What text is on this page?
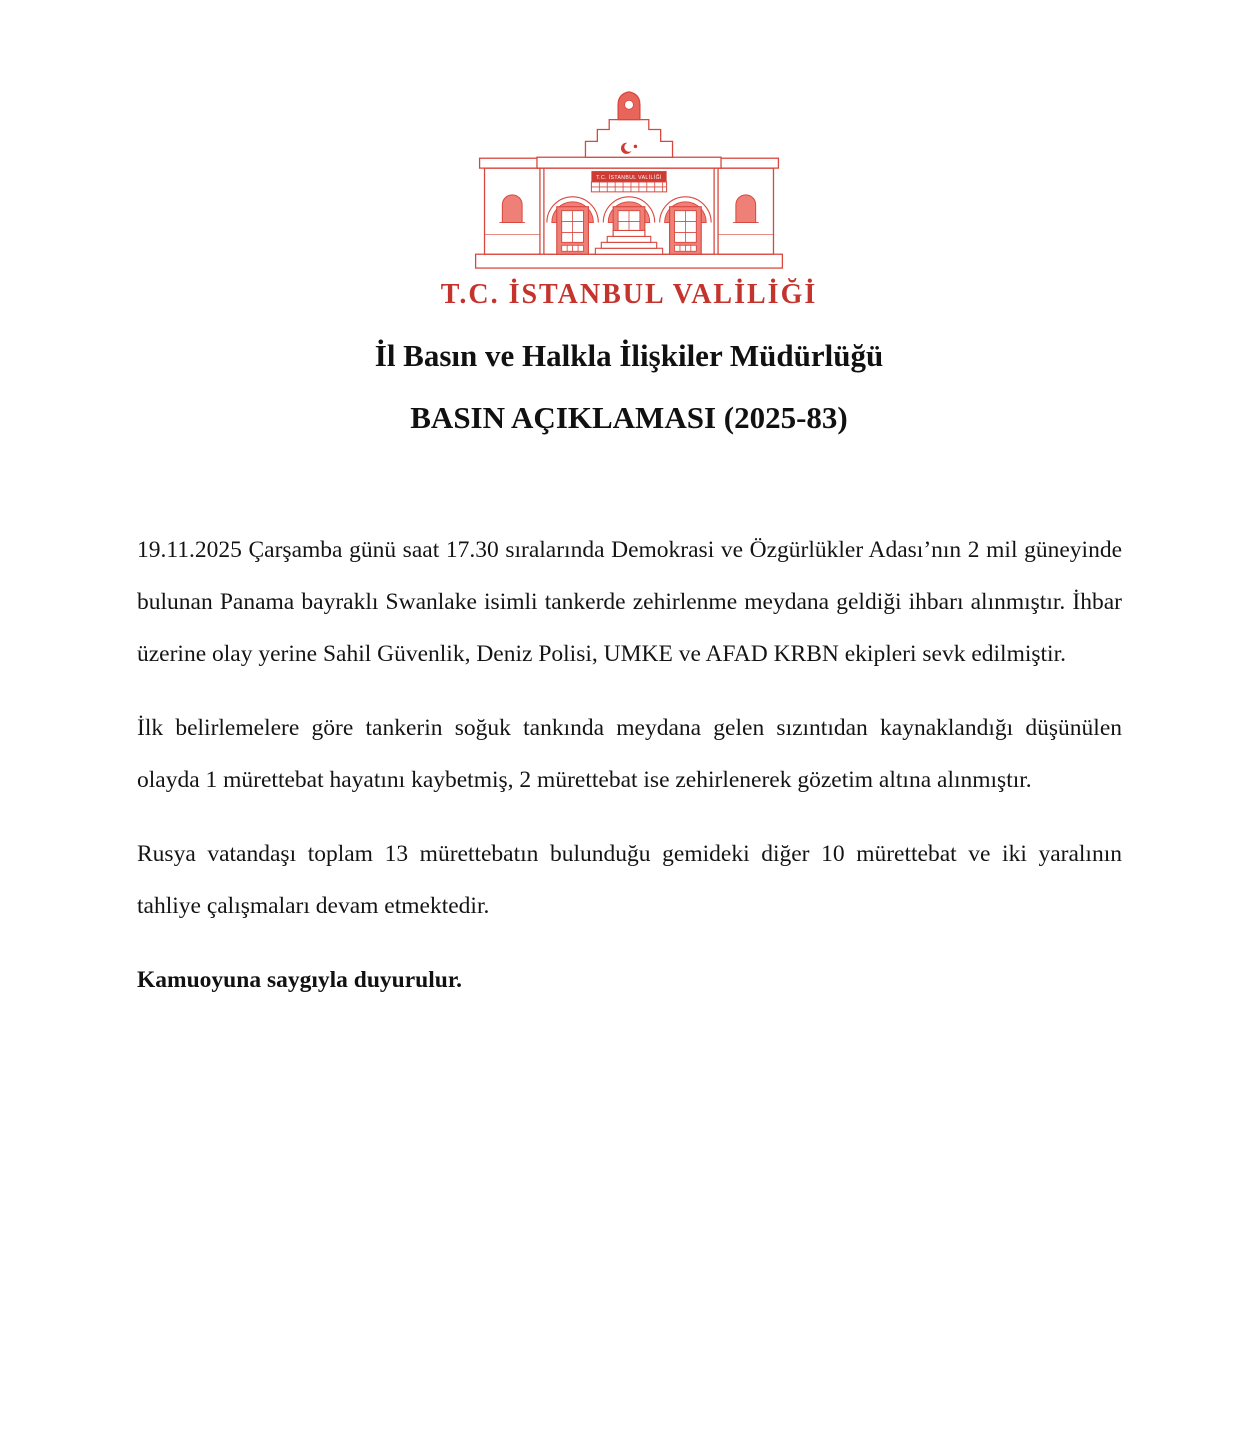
T.C. İSTANBUL VALİLİĞİ
T.C. İSTANBUL VALİLİĞİ
İl Basın ve Halkla İlişkiler Müdürlüğü
BASIN AÇIKLAMASI (2025-83)

19.11.2025 Çarşamba günü saat 17.30 sıralarında Demokrasi ve Özgürlükler Adası’nın 2 mil güneyinde bulunan Panama bayraklı Swanlake isimli tankerde zehirlenme meydana geldiği ihbarı alınmıştır. İhbar üzerine olay yerine Sahil Güvenlik, Deniz Polisi, UMKE ve AFAD KRBN ekipleri sevk edilmiştir.

İlk belirlemelere göre tankerin soğuk tankında meydana gelen sızıntıdan kaynaklandığı düşünülen olayda 1 mürettebat hayatını kaybetmiş, 2 mürettebat ise zehirlenerek gözetim altına alınmıştır.

Rusya vatandaşı toplam 13 mürettebatın bulunduğu gemideki diğer 10 mürettebat ve iki yaralının tahliye çalışmaları devam etmektedir.

Kamuoyuna saygıyla duyurulur.
